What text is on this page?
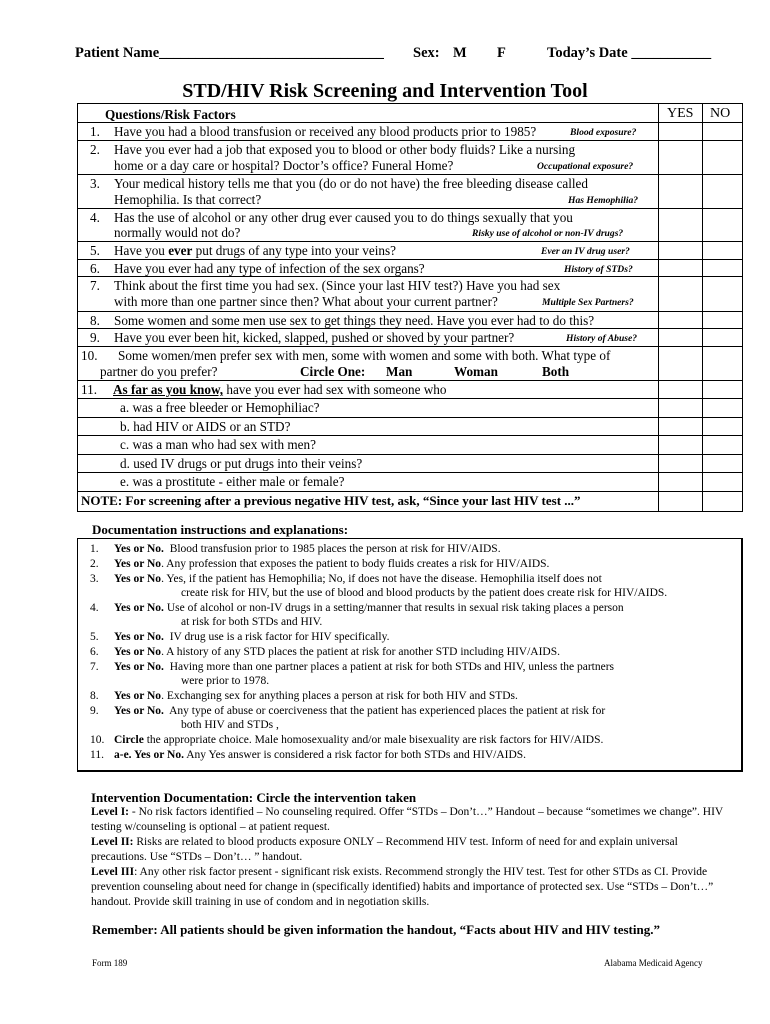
Patient Name_______________________________ Sex: M F	Today’s Date ___________
STD/HIV Risk Screening and Intervention Tool
Questions/Risk Factors	YES NO
1. Have you had a blood transfusion or received any blood products prior to 1985?	Blood exposure?
2. Have you ever had a job that exposed you to blood or other body fluids? Like a nursing
home or a day care or hospital? Doctor’s office? Funeral Home?	Occupational exposure?
3. Your medical history tells me that you (do or do not have) the free bleeding disease called
Hemophilia. Is that correct?	Has Hemophilia?
4. Has the use of alcohol or any other drug ever caused you to do things sexually that you
normally would not do?	Risky use of alcohol or non-IV drugs?
5. Have you ever put drugs of any type into your veins?	Ever an IV drug user?
6. Have you ever had any type of infection of the sex organs?	History of STDs?
7. Think about the first time you had sex. (Since your last HIV test?) Have you had sex
with more than one partner since then? What about your current partner?	Multiple Sex Partners?
8. Some women and some men use sex to get things they need. Have you ever had to do this?
9. Have you ever been hit, kicked, slapped, pushed or shoved by your partner?	History of Abuse?
10. Some women/men prefer sex with men, some with women and some with both. What type of
partner do you prefer?	Circle One: Man	Woman	Both
11. As far as you know, have you ever had sex with someone who
a. was a free bleeder or Hemophiliac?
b. had HIV or AIDS or an STD?
c. was a man who had sex with men?
d. used IV drugs or put drugs into their veins?
e. was a prostitute - either male or female?
NOTE: For screening after a previous negative HIV test, ask, “Since your last HIV test ...”
Documentation instructions and explanations:
1. Yes or No. Blood transfusion prior to 1985 places the person at risk for HIV/AIDS.
2. Yes or No. Any profession that exposes the patient to body fluids creates a risk for HIV/AIDS.
3. Yes or No. Yes, if the patient has Hemophilia; No, if does not have the disease. Hemophilia itself does not
create risk for HIV, but the use of blood and blood products by the patient does create risk for HIV/AIDS.
4. Yes or No. Use of alcohol or non-IV drugs in a setting/manner that results in sexual risk taking places a person
at risk for both STDs and HIV.
5. Yes or No. IV drug use is a risk factor for HIV specifically.
6. Yes or No. A history of any STD places the patient at risk for another STD including HIV/AIDS.
7. Yes or No. Having more than one partner places a patient at risk for both STDs and HIV, unless the partners
were prior to 1978.
8. Yes or No. Exchanging sex for anything places a person at risk for both HIV and STDs.
9. Yes or No. Any type of abuse or coerciveness that the patient has experienced places the patient at risk for
both HIV and STDs ,
10. Circle the appropriate choice. Male homosexuality and/or male bisexuality are risk factors for HIV/AIDS.
11. a-e. Yes or No. Any Yes answer is considered a risk factor for both STDs and HIV/AIDS.
Intervention Documentation: Circle the intervention taken
Level I: - No risk factors identified – No counseling required. Offer “STDs – Don’t…” Handout – because “sometimes we change”. HIV testing w/counseling is optional – at patient request.
Level II: Risks are related to blood products exposure ONLY – Recommend HIV test. Inform of need for and explain universal precautions. Use “STDs – Don’t… ” handout.
Level III: Any other risk factor present - significant risk exists. Recommend strongly the HIV test. Test for other STDs as CI. Provide prevention counseling about need for change in (specifically identified) habits and importance of protected sex. Use “STDs – Don’t…” handout. Provide skill training in use of condom and in negotiation skills.
Remember: All patients should be given information the handout, “Facts about HIV and HIV testing.”
Form 189	Alabama Medicaid Agency
